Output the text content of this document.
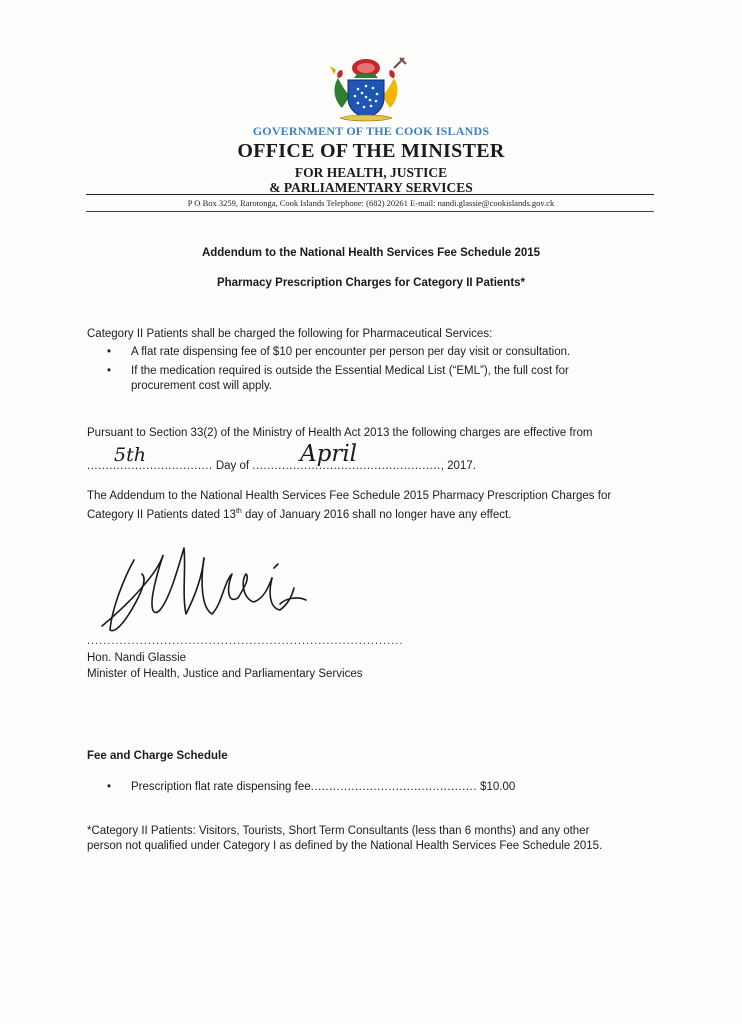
GOVERNMENT OF THE COOK ISLANDS
OFFICE OF THE MINISTER
FOR HEALTH, JUSTICE
& PARLIAMENTARY SERVICES
P O Box 3259, Rarotonga, Cook Islands Telephone: (682) 20261 E-mail: nandi.glassie@cookislands.gov.ck
Addendum to the National Health Services Fee Schedule 2015
Pharmacy Prescription Charges for Category II Patients*
Category II Patients shall be charged the following for Pharmaceutical Services:
• A flat rate dispensing fee of $10 per encounter per person per day visit or consultation.
• If the medication required is outside the Essential Medical List (“EML”), the full cost for procurement cost will apply.
Pursuant to Section 33(2) of the Ministry of Health Act 2013 the following charges are effective from
.................................. Day of ..................................................., 2017.
5th	April
The Addendum to the National Health Services Fee Schedule 2015 Pharmacy Prescription Charges for
Category II Patients dated 13th day of January 2016 shall no longer have any effect.
..............................................................................
Hon. Nandi Glassie
Minister of Health, Justice and Parliamentary Services
Fee and Charge Schedule
• Prescription flat rate dispensing fee............................................. $10.00
*Category II Patients: Visitors, Tourists, Short Term Consultants (less than 6 months) and any other
person not qualified under Category I as defined by the National Health Services Fee Schedule 2015.
